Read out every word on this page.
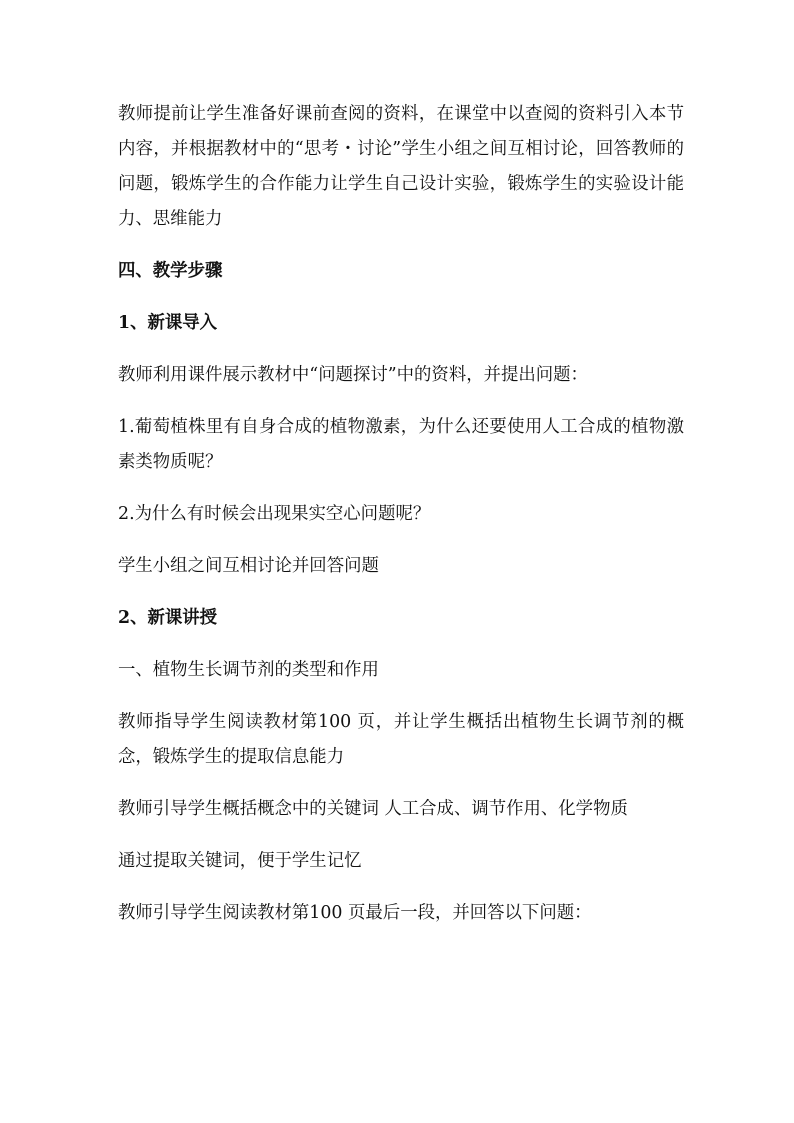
教师提前让学生准备好课前查阅的资料，在课堂中以查阅的资料引入本节内容，并根据教材中的“思考・讨论”学生小组之间互相讨论，回答教师的问题，锻炼学生的合作能力让学生自己设计实验，锻炼学生的实验设计能力、思维能力

四、教学步骤

1、新课导入

教师利用课件展示教材中“问题探讨”中的资料，并提出问题：

1.葡萄植株里有自身合成的植物激素，为什么还要使用人工合成的植物激素类物质呢？

2.为什么有时候会出现果实空心问题呢？

学生小组之间互相讨论并回答问题

2、新课讲授

一、植物生长调节剂的类型和作用

教师指导学生阅读教材第100 页，并让学生概括出植物生长调节剂的概念，锻炼学生的提取信息能力

教师引导学生概括概念中的关键词 人工合成、调节作用、化学物质

通过提取关键词，便于学生记忆

教师引导学生阅读教材第100 页最后一段，并回答以下问题：
